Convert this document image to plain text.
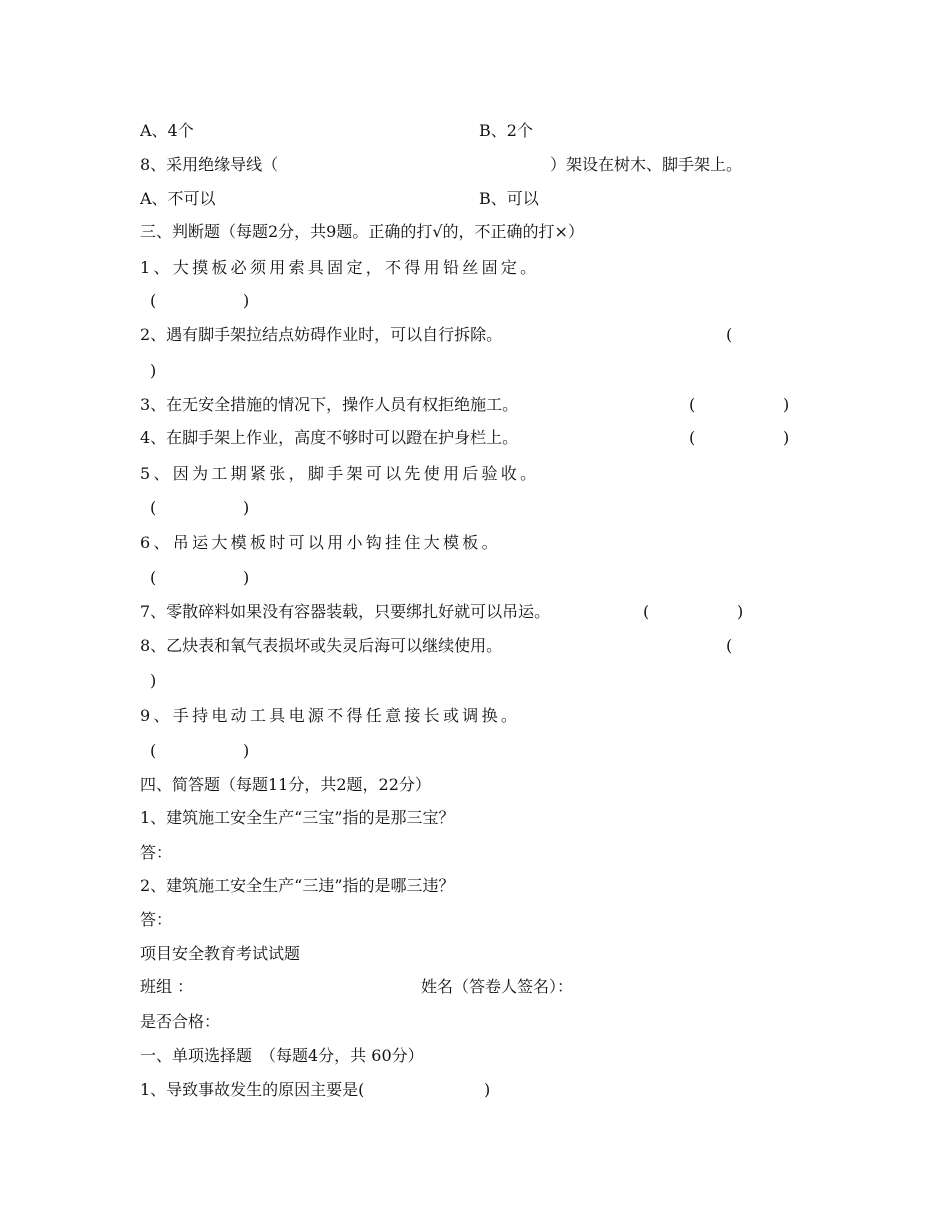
A、4个	B、2个
8、采用绝缘导线（	）架设在树木、脚手架上。
A、不可以	B、可以
三、判断题（每题2分，共9题。正确的打√的，不正确的打×）
1、大摸板必须用索具固定，不得用铅丝固定。
(	)
2、遇有脚手架拉结点妨碍作业时，可以自行拆除。	(
)
3、在无安全措施的情况下，操作人员有权拒绝施工。	(	)
4、在脚手架上作业，高度不够时可以蹬在护身栏上。	(	)
5、因为工期紧张，脚手架可以先使用后验收。
(	)
6、吊运大模板时可以用小钩挂住大模板。
(	)
7、零散碎料如果没有容器装载，只要绑扎好就可以吊运。	(	)
8、乙炔表和氧气表损坏或失灵后海可以继续使用。	(
)
9、手持电动工具电源不得任意接长或调换。
(	)
四、简答题（每题11分，共2题，22分）
1、建筑施工安全生产“三宝”指的是那三宝？
答：
2、建筑施工安全生产“三违”指的是哪三违？
答：
项目安全教育考试试题
班组 ：	姓名（答卷人签名）：
是否合格：
一、单项选择题　（每题4分，共 60分）
1、导致事故发生的原因主要是(	)
